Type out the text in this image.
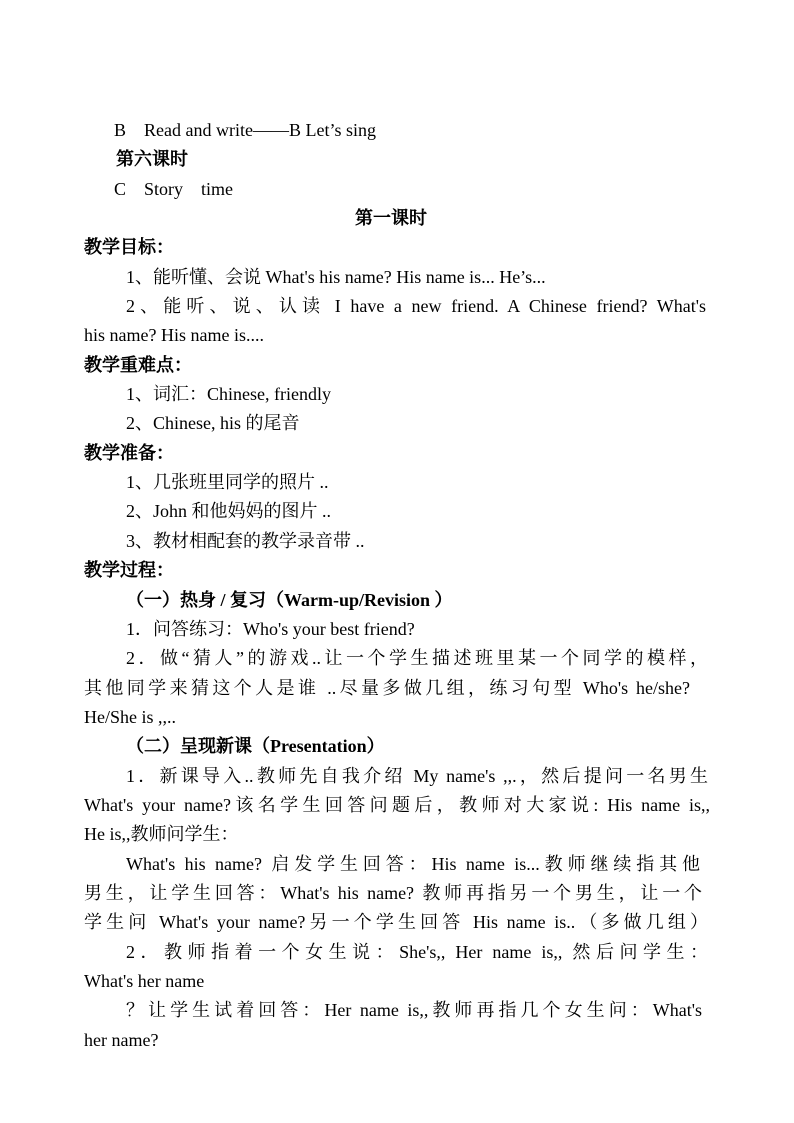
B　Read and write——B Let’s sing
第六课时
C　Story　time
第一课时
教学目标：
1、能听懂、会说 What's his name? His name is... He’s...
2、能听、说、认读 I have a new friend. A Chinese friend? What's
his name? His name is....
教学重难点：
1、词汇：Chinese, friendly
2、Chinese, his 的尾音
教学准备：
1、几张班里同学的照片 ..
2、John 和他妈妈的图片 ..
3、教材相配套的教学录音带 ..
教学过程：
（一）热身 / 复习（Warm-up/Revision ）
1．问答练习：Who's your best friend?
2．做“猜人”的游戏..让一个学生描述班里某一个同学的模样，
其他同学来猜这个人是谁 ..尽量多做几组，练习句型 Who's he/she?
He/She is ,,..
（二）呈现新课（Presentation）
1．新课导入..教师先自我介绍 My name's ,,.，然后提问一名男生
What's your name?该名学生回答问题后，教师对大家说: His name is,,
He is,,教师问学生：
What's his name? 启发学生回答：His name is...教师继续指其他
男生，让学生回答：What's his name? 教师再指另一个男生，让一个
学生问 What's your name?另一个学生回答 His name is..（多做几组）
2．教师指着一个女生说：She's,, Her name is,, 然后问学生：
What's her name
？让学生试着回答：Her name is,,教师再指几个女生问：What's
her name?
